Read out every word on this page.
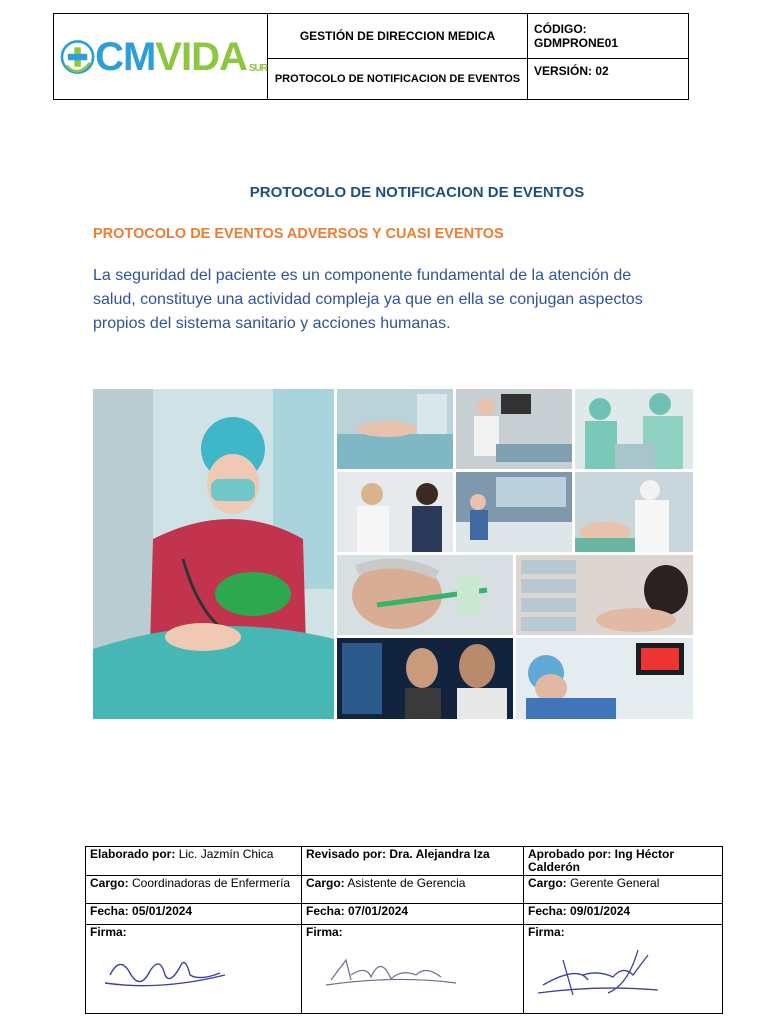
CM VIDA SUR	GESTIÓN DE DIRECCION MEDICA	CÓDIGO:
GDMPRONE01
	PROTOCOLO DE NOTIFICACION DE EVENTOS	VERSIÓN: 02
PROTOCOLO DE NOTIFICACION DE EVENTOS
PROTOCOLO DE EVENTOS ADVERSOS Y CUASI EVENTOS
La seguridad del paciente es un componente fundamental de la atención de salud, constituye una actividad compleja ya que en ella se conjugan aspectos propios del sistema sanitario y acciones humanas.
Elaborado por: Lic. Jazmín Chica	Revisado por: Dra. Alejandra Iza	Aprobado por: Ing Héctor Calderón
Cargo: Coordinadoras de Enfermería	Cargo: Asistente de Gerencia	Cargo: Gerente General
Fecha: 05/01/2024	Fecha: 07/01/2024	Fecha: 09/01/2024
Firma:	Firma:	Firma:
